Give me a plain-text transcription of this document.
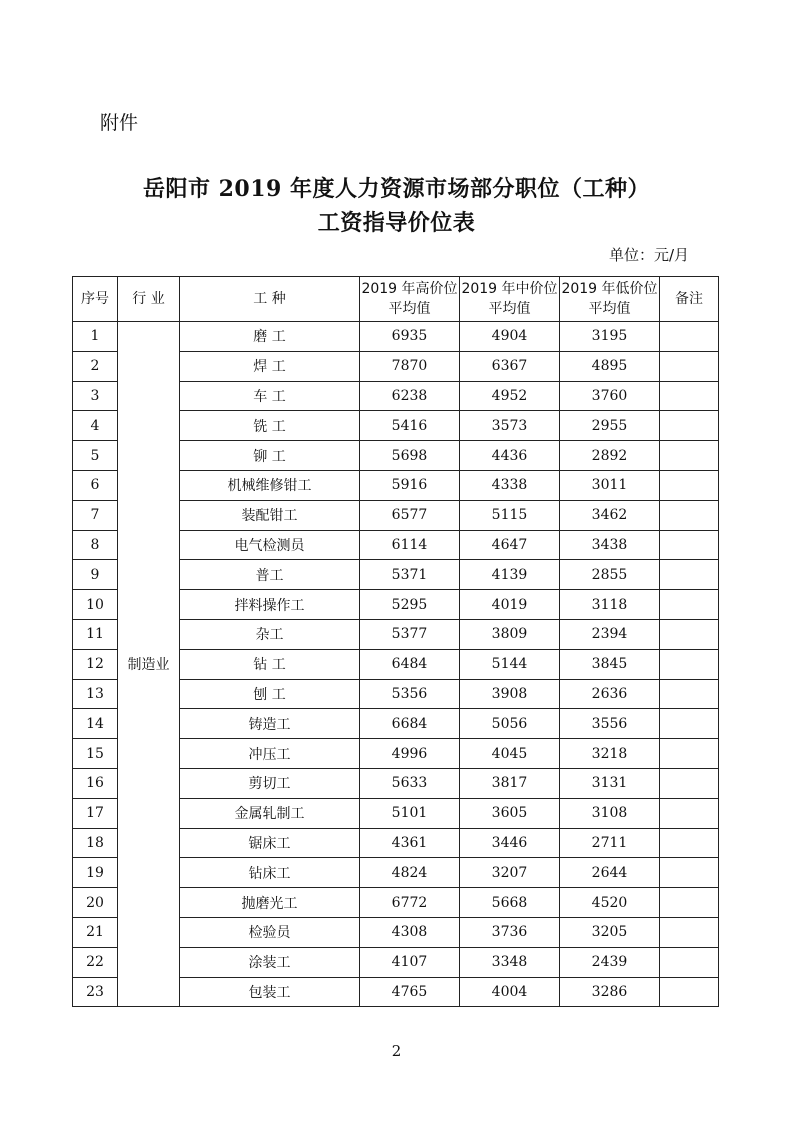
附件
岳阳市 2019 年度人力资源市场部分职位（工种）
工资指导价位表
单位：元/月
序号	行 业	工 种	2019 年高价位平均值	2019 年中价位平均值	2019 年低价位平均值	备注
1	制造业	磨 工	6935	4904	3195	
2		焊 工	7870	6367	4895	
3		车 工	6238	4952	3760	
4		铣 工	5416	3573	2955	
5		铆 工	5698	4436	2892	
6		机械维修钳工	5916	4338	3011	
7		装配钳工	6577	5115	3462	
8		电气检测员	6114	4647	3438	
9		普工	5371	4139	2855	
10		拌料操作工	5295	4019	3118	
11		杂工	5377	3809	2394	
12		钻 工	6484	5144	3845	
13		刨 工	5356	3908	2636	
14		铸造工	6684	5056	3556	
15		冲压工	4996	4045	3218	
16		剪切工	5633	3817	3131	
17		金属轧制工	5101	3605	3108	
18		锯床工	4361	3446	2711	
19		钻床工	4824	3207	2644	
20		抛磨光工	6772	5668	4520	
21		检验员	4308	3736	3205	
22		涂装工	4107	3348	2439	
23		包装工	4765	4004	3286	
2
